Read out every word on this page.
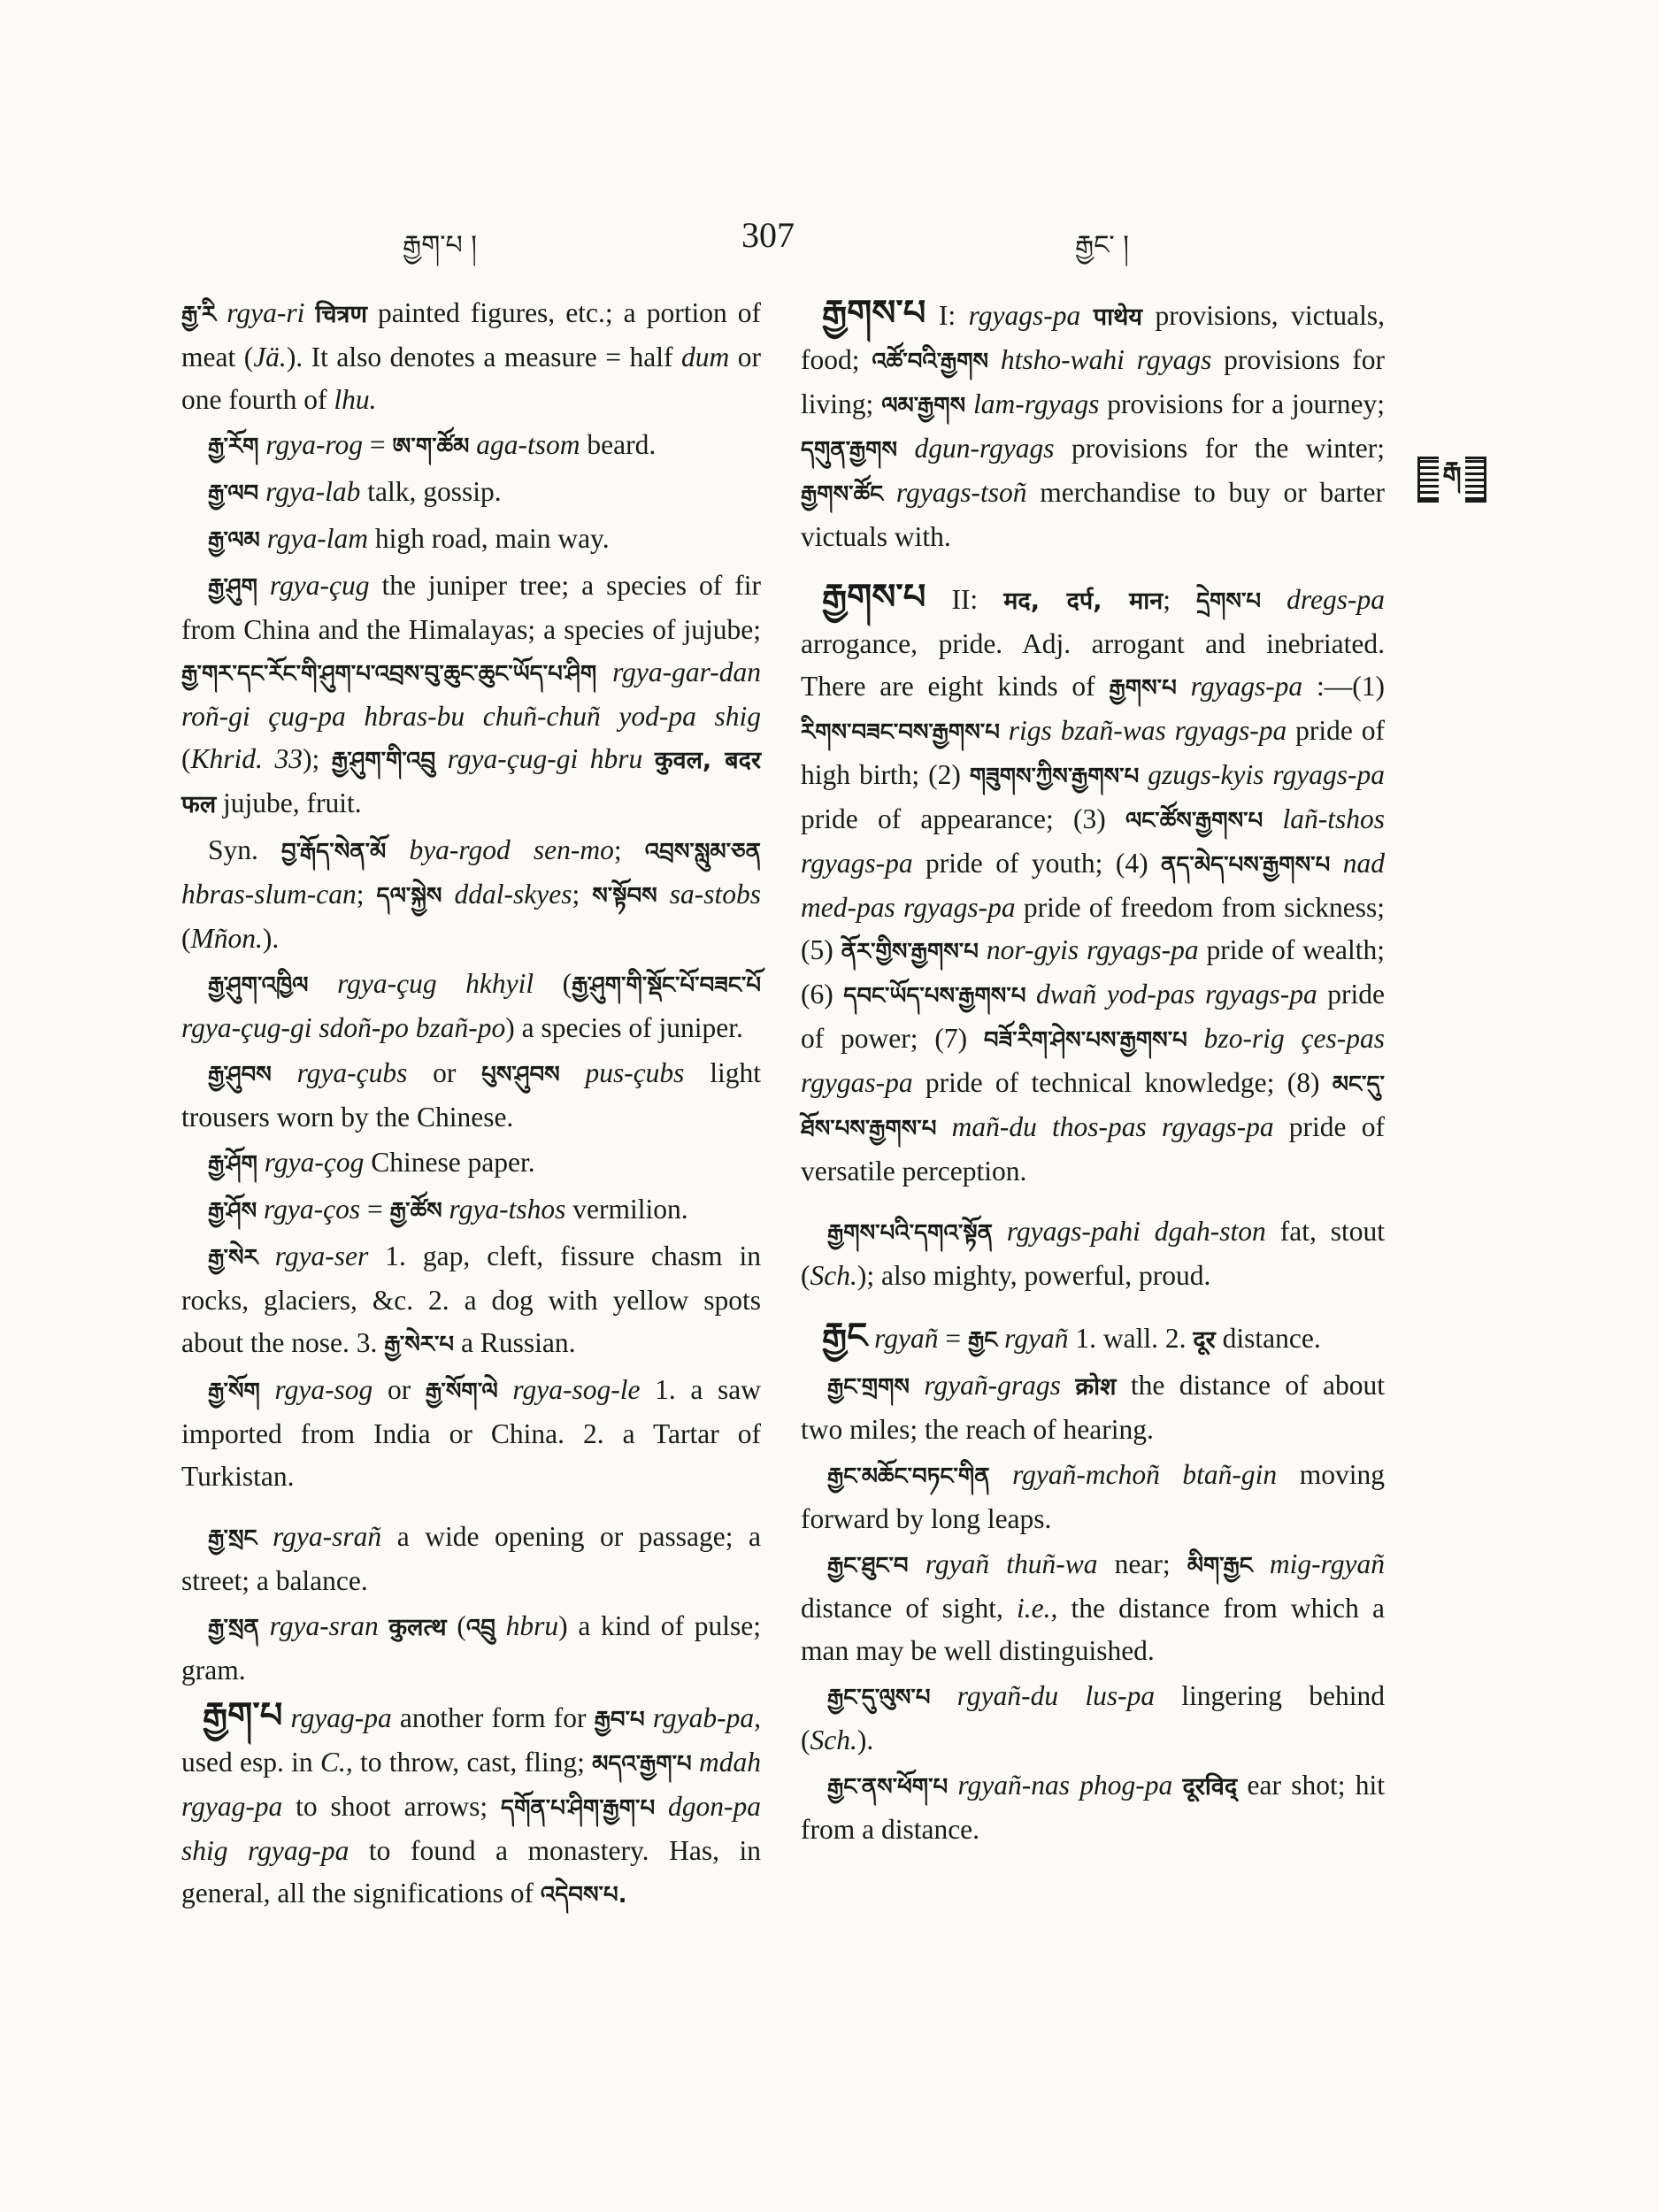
རྒྱག་པ །	307	རྒྱང་ །
རྒ

རྒྱ་རི rgya-ri चित्रण painted figures, etc.; a portion of meat (Jä.). It also denotes a measure = half dum or one fourth of lhu.

རྒྱ་རོག rgya-rog = ཨ་ག་ཚོམ aga-tsom beard.

རྒྱ་ལབ rgya-lab talk, gossip.

རྒྱ་ལམ rgya-lam high road, main way.

རྒྱ་ཤུག rgya-çug the juniper tree; a species of fir from China and the Himalayas; a species of jujube; རྒྱ་གར་དང་རོང་གི་ཤུག་པ་འབྲས་བུ་ཆུང་ཆུང་ཡོད་པ་ཤིག rgya-gar-dan roñ-gi çug-pa hbras-bu chuñ-chuñ yod-pa shig (Khrid. 33); རྒྱ་ཤུག་གི་འབྲུ rgya-çug-gi hbru कुवल, बदर फल jujube, fruit.

Syn. བྱ་རྒོད་སེན་མོ bya-rgod sen-mo; འབྲས་སླུམ་ཅན hbras-slum-can; དལ་སྐྱེས ddal-skyes; ས་སྟོབས sa-stobs (Mñon.).

རྒྱ་ཤུག་འཁྱིལ rgya-çug hkhyil (རྒྱ་ཤུག་གི་སྡོང་པོ་བཟང་པོ rgya-çug-gi sdoñ-po bzañ-po) a species of juniper.

རྒྱ་ཤུབས rgya-çubs or པུས་ཤུབས pus-çubs light trousers worn by the Chinese.

རྒྱ་ཤོག rgya-çog Chinese paper.

རྒྱ་ཤོས rgya-ços = རྒྱ་ཚོས rgya-tshos vermilion.

རྒྱ་སེར rgya-ser 1. gap, cleft, fissure chasm in rocks, glaciers, &c. 2. a dog with yellow spots about the nose. 3. རྒྱ་སེར་པ a Russian.

རྒྱ་སོག rgya-sog or རྒྱ་སོག་ལེ rgya-sog-le 1. a saw imported from India or China. 2. a Tartar of Turkistan.

རྒྱ་སྲང rgya-srañ a wide opening or passage; a street; a balance.

རྒྱ་སྲན rgya-sran कुलत्थ (འབྲུ hbru) a kind of pulse; gram.

རྒྱག་པ rgyag-pa another form for རྒྱབ་པ rgyab-pa, used esp. in C., to throw, cast, fling; མདའ་རྒྱག་པ mdah rgyag-pa to shoot arrows; དགོན་པ་ཤིག་རྒྱག་པ dgon-pa shig rgyag-pa to found a monastery. Has, in general, all the significations of འདེབས་པ.

རྒྱགས་པ I: rgyags-pa पाथेय provisions, victuals, food; འཚོ་བའི་རྒྱགས htsho-wahi rgyags provisions for living; ལམ་རྒྱགས lam-rgyags provisions for a journey; དགུན་རྒྱགས dgun-rgyags provisions for the winter; རྒྱགས་ཚོང rgyags-tsoñ merchandise to buy or barter victuals with.

རྒྱགས་པ II: मद, दर्प, मान; དྲེགས་པ dregs-pa arrogance, pride. Adj. arrogant and inebriated. There are eight kinds of རྒྱགས་པ rgyags-pa :—(1) རིགས་བཟང་བས་རྒྱགས་པ rigs bzañ-was rgyags-pa pride of high birth; (2) གཟུགས་ཀྱིས་རྒྱགས་པ gzugs-kyis rgyags-pa pride of appearance; (3) ལང་ཚོས་རྒྱགས་པ lañ-tshos rgyags-pa pride of youth; (4) ནད་མེད་པས་རྒྱགས་པ nad med-pas rgyags-pa pride of freedom from sickness; (5) ནོར་གྱིས་རྒྱགས་པ nor-gyis rgyags-pa pride of wealth; (6) དབང་ཡོད་པས་རྒྱགས་པ dwañ yod-pas rgyags-pa pride of power; (7) བཟོ་རིག་ཤེས་པས་རྒྱགས་པ bzo-rig çes-pas rgygas-pa pride of technical knowledge; (8) མང་དུ་ཐོས་པས་རྒྱགས་པ mañ-du thos-pas rgyags-pa pride of versatile perception.

རྒྱགས་པའི་དགའ་སྟོན rgyags-pahi dgah-ston fat, stout (Sch.); also mighty, powerful, proud.

རྒྱང rgyañ = རྒྱང rgyañ 1. wall. 2. दूर distance.

རྒྱང་གྲགས rgyañ-grags क्रोश the distance of about two miles; the reach of hearing.

རྒྱང་མཆོང་བཏང་གིན rgyañ-mchoñ btañ-gin moving forward by long leaps.

རྒྱང་ཐུང་བ rgyañ thuñ-wa near; མིག་རྒྱང mig-rgyañ distance of sight, i.e., the distance from which a man may be well distinguished.

རྒྱང་དུ་ལུས་པ rgyañ-du lus-pa lingering behind (Sch.).

རྒྱང་ནས་ཕོག་པ rgyañ-nas phog-pa दूरविद् ear shot; hit from a distance.
